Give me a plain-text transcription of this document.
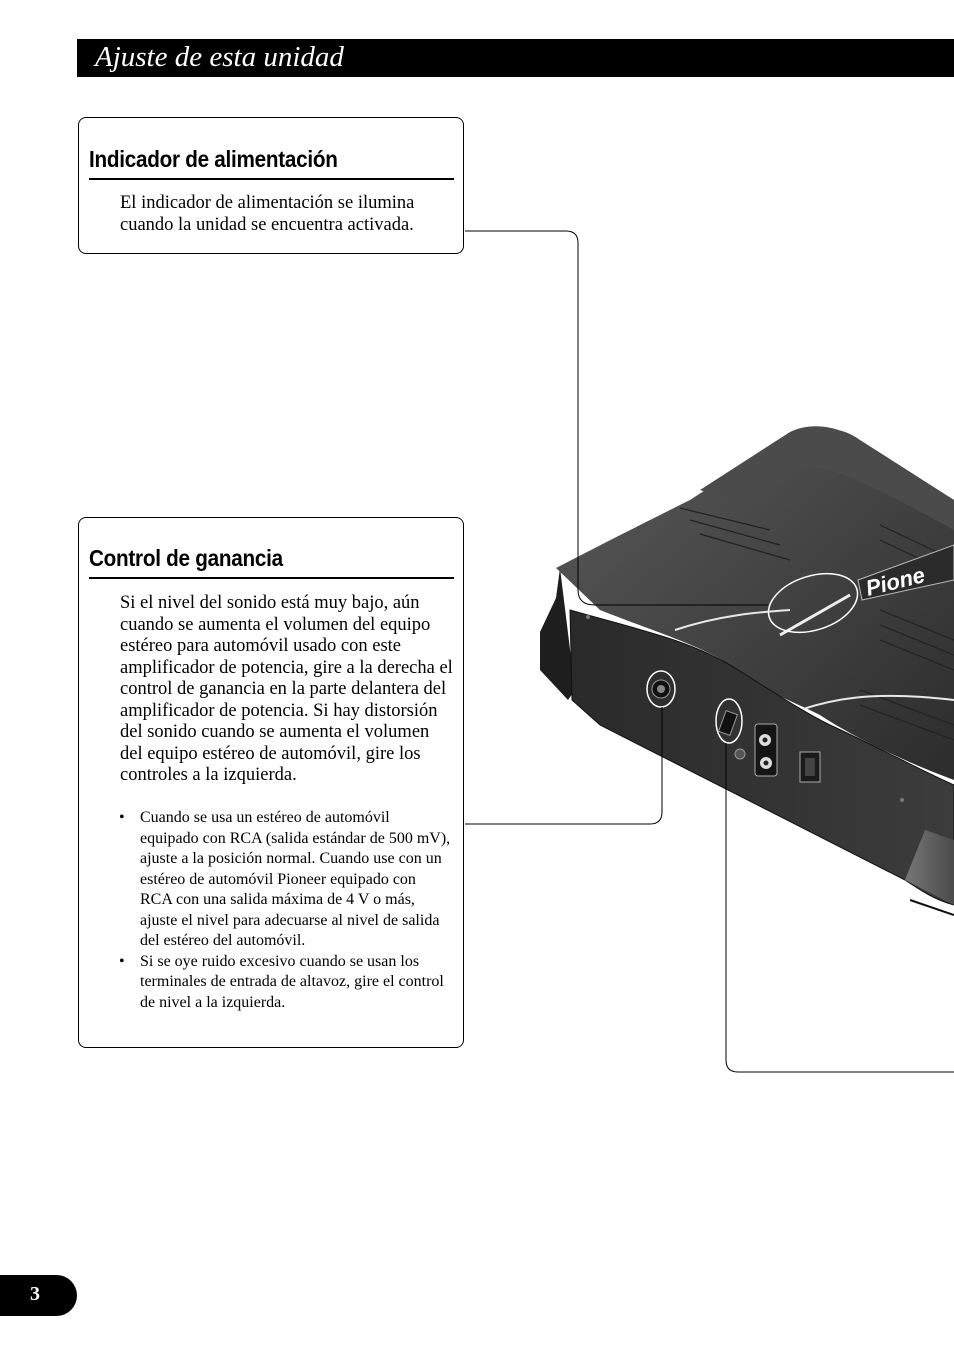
Ajuste de esta unidad
Pione
Indicador de alimentación

El indicador de alimentación se ilumina cuando la unidad se encuentra activada.

Control de ganancia

Si el nivel del sonido está muy bajo, aún cuando se aumenta el volumen del equipo estéreo para automóvil usado con este amplificador de potencia, gire a la derecha el control de ganancia en la parte delantera del amplificador de potencia. Si hay distorsión del sonido cuando se aumenta el volumen del equipo estéreo de automóvil, gire los controles a la izquierda.

• Cuando se usa un estéreo de automóvil equipado con RCA (salida estándar de 500 mV), ajuste a la posición normal. Cuando use con un estéreo de automóvil Pioneer equipado con RCA con una salida máxima de 4 V o más, ajuste el nivel para adecuarse al nivel de salida del estéreo del automóvil.
• Si se oye ruido excesivo cuando se usan los terminales de entrada de altavoz, gire el control de nivel a la izquierda.
3
